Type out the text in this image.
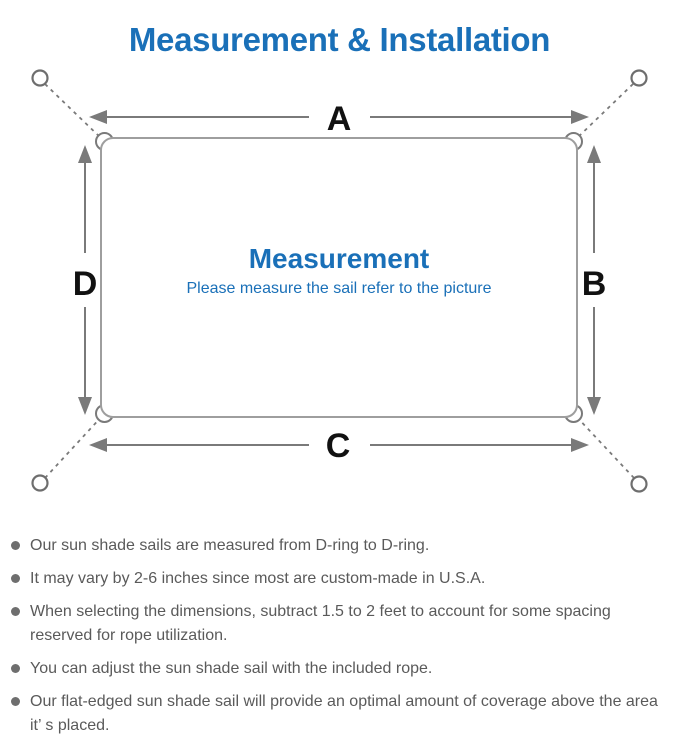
Measurement & Installation
A
B
C
D
Measurement
Please measure the sail refer to the picture
Our sun shade sails are measured from D-ring to D-ring.
It may vary by 2-6 inches since most are custom-made in U.S.A.
When selecting the dimensions, subtract 1.5 to 2 feet to account for some spacing reserved for rope utilization.
You can adjust the sun shade sail with the included rope.
Our flat-edged sun shade sail will provide an optimal amount of coverage above the area it’ s placed.
